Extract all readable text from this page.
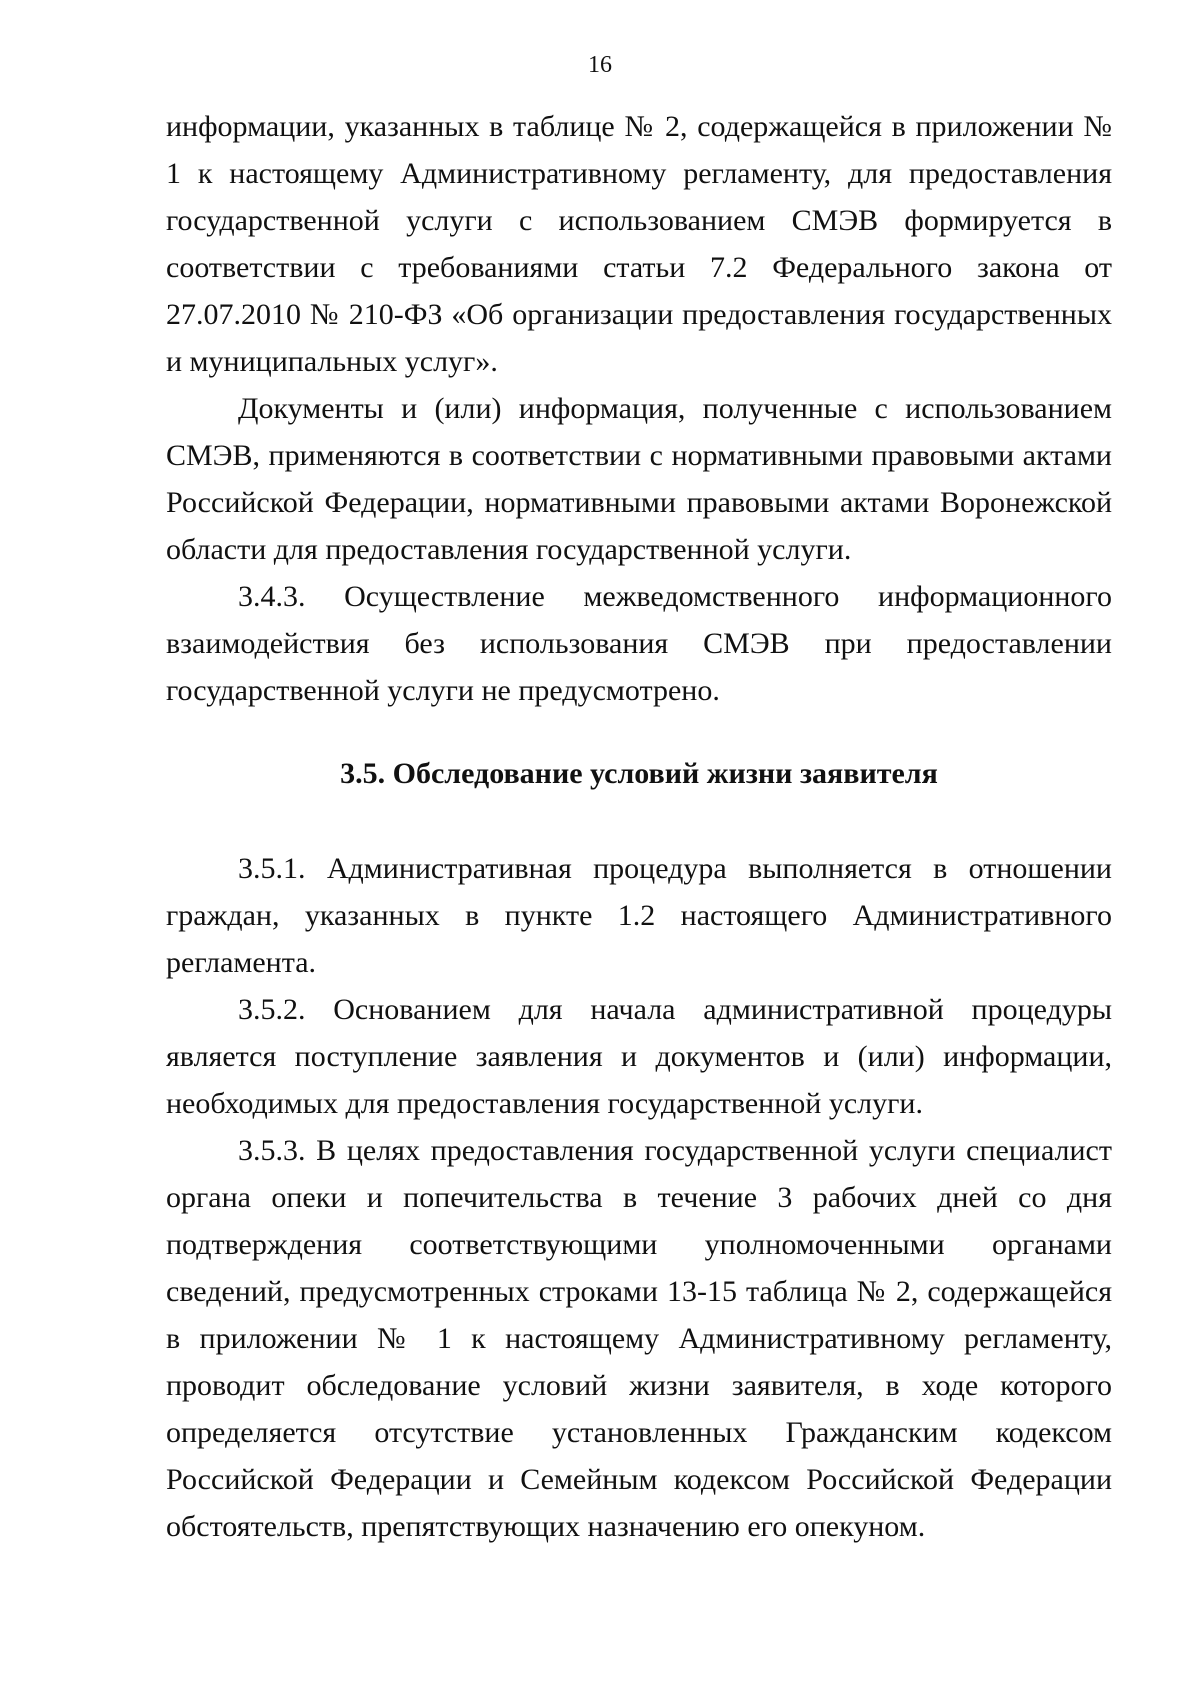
16

информации, указанных в таблице № 2, содержащейся в приложении № 1 к настоящему Административному регламенту, для предоставления государственной услуги с использованием СМЭВ формируется в соответствии с требованиями статьи 7.2 Федерального закона от 27.07.2010 № 210-ФЗ «Об организации предоставления государственных и муниципальных услуг».

Документы и (или) информация, полученные с использованием СМЭВ, применяются в соответствии с нормативными правовыми актами Российской Федерации, нормативными правовыми актами Воронежской области для предоставления государственной услуги.

3.4.3. Осуществление межведомственного информационного взаимодействия без использования СМЭВ при предоставлении государственной услуги не предусмотрено.

3.5. Обследование условий жизни заявителя

3.5.1. Административная процедура выполняется в отношении граждан, указанных в пункте 1.2 настоящего Административного регламента.

3.5.2. Основанием для начала административной процедуры является поступление заявления и документов и (или) информации, необходимых для предоставления государственной услуги.

3.5.3. В целях предоставления государственной услуги специалист органа опеки и попечительства в течение 3 рабочих дней со дня подтверждения соответствующими уполномоченными органами сведений, предусмотренных строками 13-15 таблица № 2, содержащейся в приложении № 1 к настоящему Административному регламенту, проводит обследование условий жизни заявителя, в ходе которого определяется отсутствие установленных Гражданским кодексом Российской Федерации и Семейным кодексом Российской Федерации обстоятельств, препятствующих назначению его опекуном.
